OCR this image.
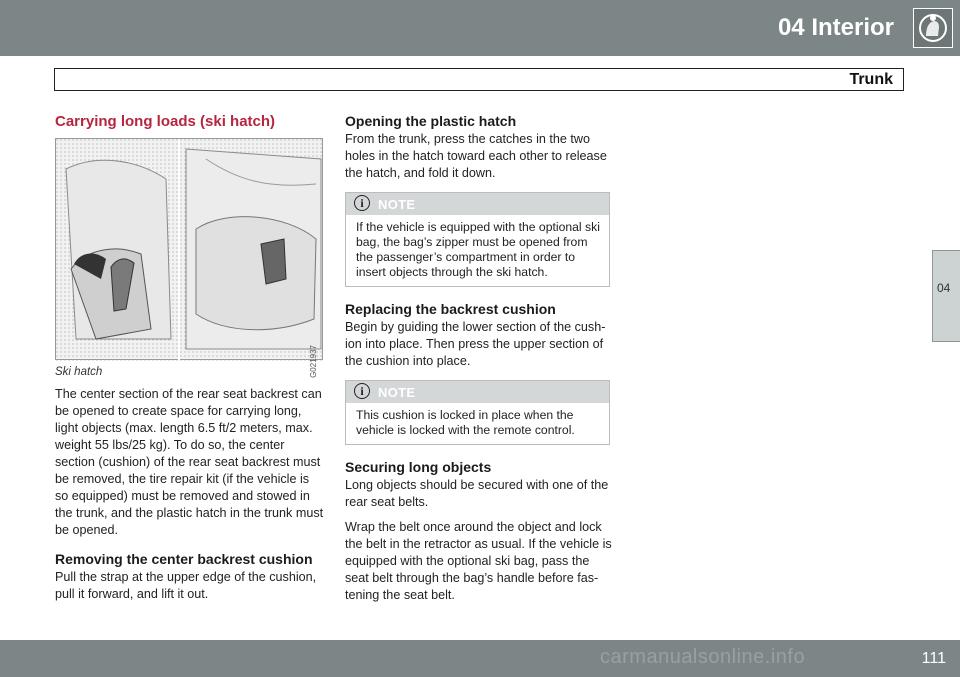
04 Interior
Trunk
04
Carrying long loads (ski hatch)
G021937
Ski hatch

The center section of the rear seat backrest can be opened to create space for carrying long, light objects (max. length 6.5 ft/2 meters, max. weight 55 lbs/25 kg). To do so, the center section (cushion) of the rear seat backrest must be removed, the tire repair kit (if the vehicle is so equipped) must be removed and stowed in the trunk, and the plastic hatch in the trunk must be opened.

Removing the center backrest cushion

Pull the strap at the upper edge of the cushion, pull it forward, and lift it out.

Opening the plastic hatch

From the trunk, press the catches in the two holes in the hatch toward each other to release the hatch, and fold it down.

i	NOTE
If the vehicle is equipped with the optional ski bag, the bag’s zipper must be opened from the passenger’s compartment in order to insert objects through the ski hatch.
Replacing the backrest cushion

Begin by guiding the lower section of the cush-ion into place. Then press the upper section of the cushion into place.

i	NOTE
This cushion is locked in place when the vehicle is locked with the remote control.
Securing long objects

Long objects should be secured with one of the rear seat belts.

Wrap the belt once around the object and lock the belt in the retractor as usual. If the vehicle is equipped with the optional ski bag, pass the seat belt through the bag’s handle before fas-tening the seat belt.

carmanualsonline.info	111
